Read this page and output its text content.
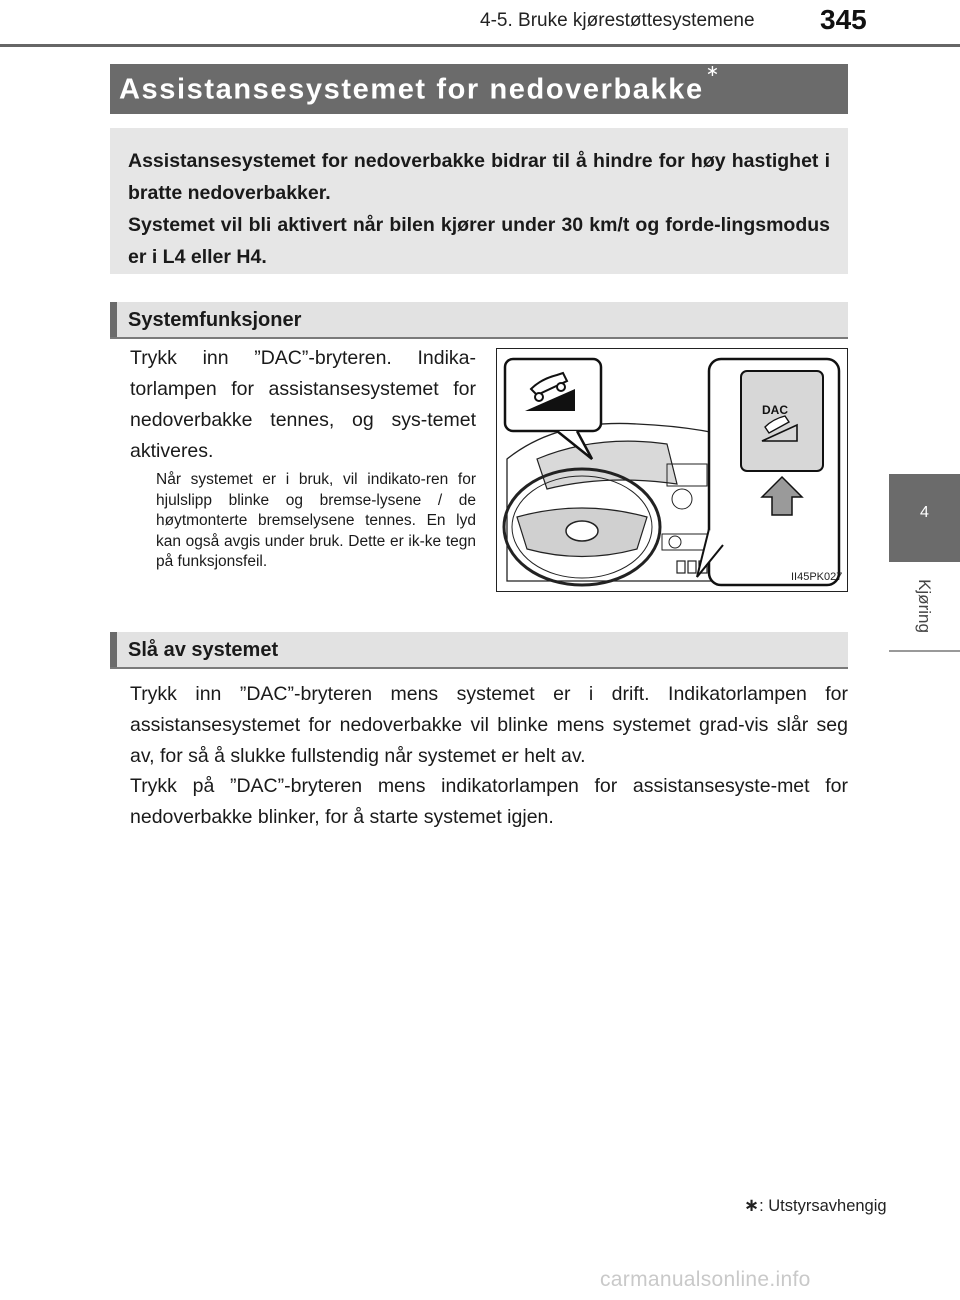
4-5. Bruke kjørestøttesystemene 345
4
Kjøring
Assistansesystemet for nedoverbakke∗

Assistansesystemet for nedoverbakke bidrar til å hindre for høy hastighet i bratte nedoverbakker.

Systemet vil bli aktivert når bilen kjører under 30 km/t og forde-lingsmodus er i L4 eller H4.

Systemfunksjoner

Trykk inn ”DAC”-bryteren. Indika-torlampen for assistansesystemet for nedoverbakke tennes, og sys-temet aktiveres.

Når systemet er i bruk, vil indikato-ren for hjulslipp blinke og bremse-lysene / de høytmonterte bremselysene tennes. En lyd kan også avgis under bruk. Dette er ik-ke tegn på funksjonsfeil.

DAC
II45PK027
Slå av systemet

Trykk inn ”DAC”-bryteren mens systemet er i drift. Indikatorlampen for assistansesystemet for nedoverbakke vil blinke mens systemet grad-vis slår seg av, for så å slukke fullstendig når systemet er helt av.

Trykk på ”DAC”-bryteren mens indikatorlampen for assistansesyste-met for nedoverbakke blinker, for å starte systemet igjen.

∗: Utstyrsavhengig
carmanualsonline.info
